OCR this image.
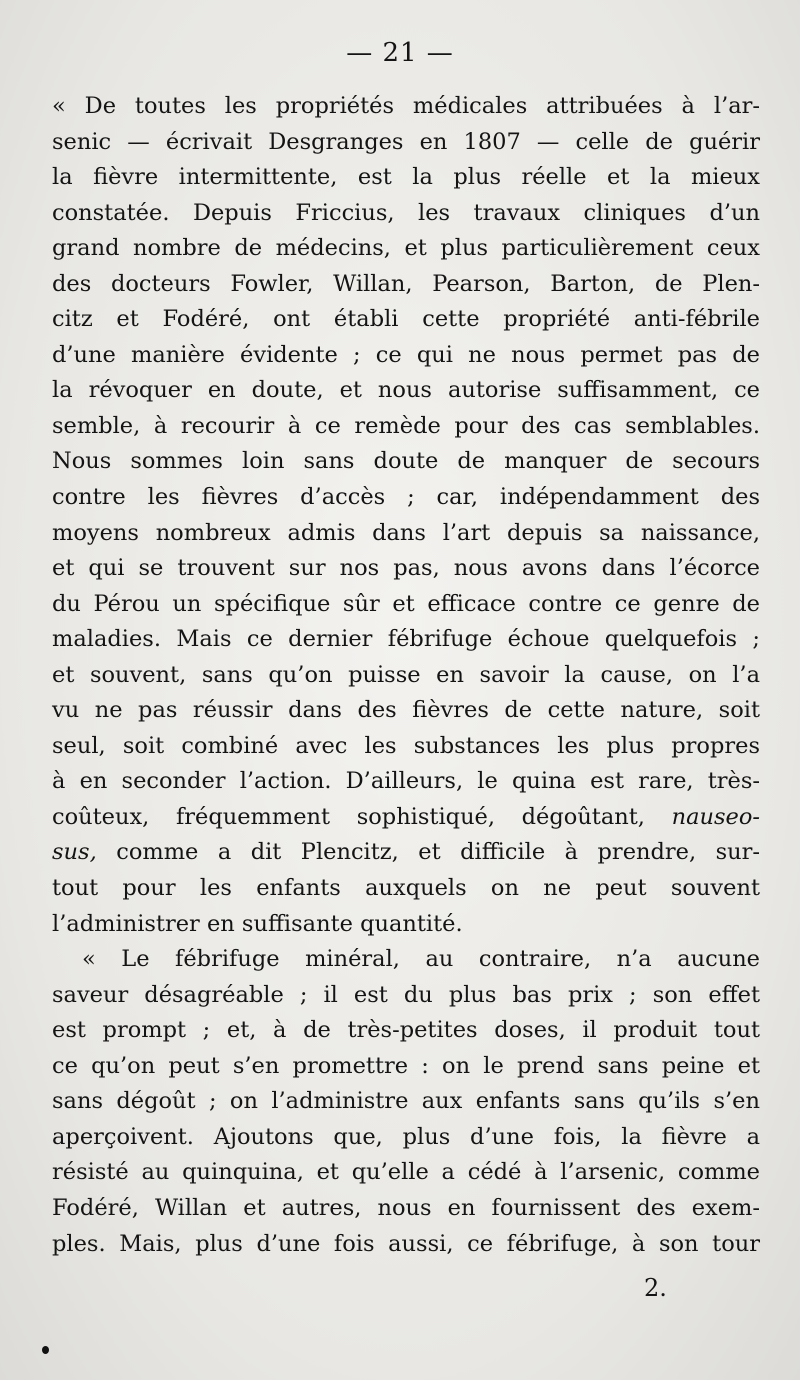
— 21 —
« De toutes les propriétés médicales attribuées à l’ar-
senic — écrivait Desgranges en 1807 — celle de guérir
la fièvre intermittente, est la plus réelle et la mieux
constatée. Depuis Friccius, les travaux cliniques d’un
grand nombre de médecins, et plus particulièrement ceux
des docteurs Fowler, Willan, Pearson, Barton, de Plen-
citz et Fodéré, ont établi cette propriété anti-fébrile
d’une manière évidente ; ce qui ne nous permet pas de
la révoquer en doute, et nous autorise suffisamment, ce
semble, à recourir à ce remède pour des cas semblables.
Nous sommes loin sans doute de manquer de secours
contre les fièvres d’accès ; car, indépendamment des
moyens nombreux admis dans l’art depuis sa naissance,
et qui se trouvent sur nos pas, nous avons dans l’écorce
du Pérou un spécifique sûr et efficace contre ce genre de
maladies. Mais ce dernier fébrifuge échoue quelquefois ;
et souvent, sans qu’on puisse en savoir la cause, on l’a
vu ne pas réussir dans des fièvres de cette nature, soit
seul, soit combiné avec les substances les plus propres
à en seconder l’action. D’ailleurs, le quina est rare, très-
coûteux, fréquemment sophistiqué, dégoûtant, nauseo-
sus, comme a dit Plencitz, et difficile à prendre, sur-
tout pour les enfants auxquels on ne peut souvent
l’administrer en suffisante quantité.
« Le fébrifuge minéral, au contraire, n’a aucune
saveur désagréable ; il est du plus bas prix ; son effet
est prompt ; et, à de très-petites doses, il produit tout
ce qu’on peut s’en promettre : on le prend sans peine et
sans dégoût ; on l’administre aux enfants sans qu’ils s’en
aperçoivent. Ajoutons que, plus d’une fois, la fièvre a
résisté au quinquina, et qu’elle a cédé à l’arsenic, comme
Fodéré, Willan et autres, nous en fournissent des exem-
ples. Mais, plus d’une fois aussi, ce fébrifuge, à son tour
2.
